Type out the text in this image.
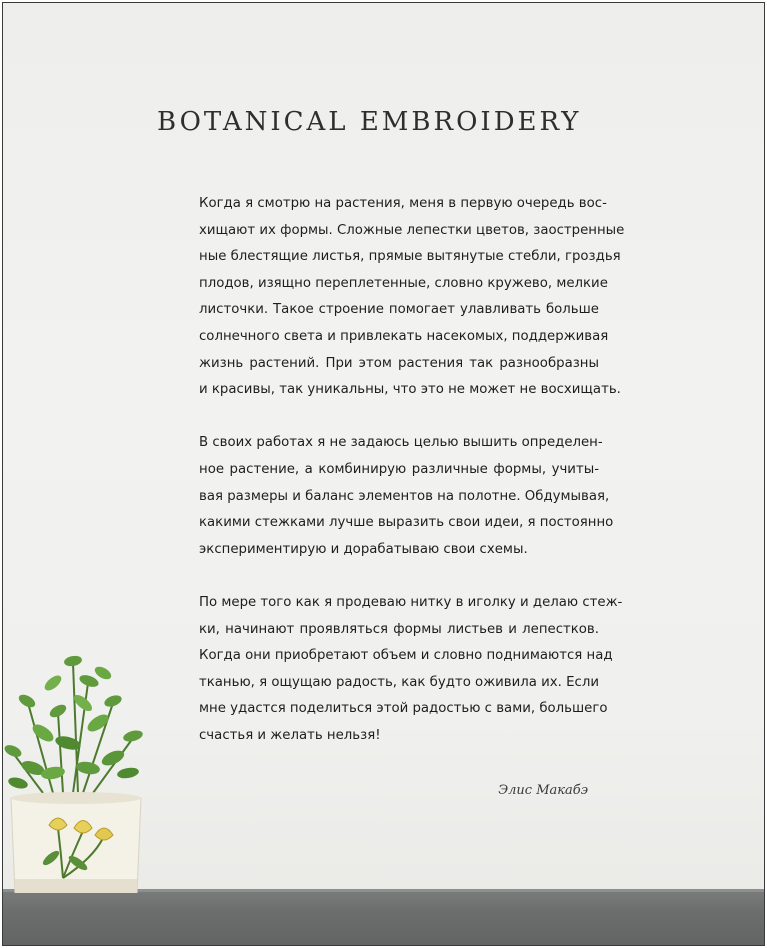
BOTANICAL EMBROIDERY

Когда я смотрю на растения, меня в первую очередь вос-
хищают их формы. Сложные лепестки цветов, заостренные
ные блестящие листья, прямые вытянутые стебли, гроздья
плодов, изящно переплетенные, словно кружево, мелкие
листочки. Такое строение помогает улавливать больше
солнечного света и привлекать насекомых, поддерживая
жизнь растений. При этом растения так разнообразны
и красивы, так уникальны, что это не может не восхищать.

В своих работах я не задаюсь целью вышить определен-
ное растение, а комбинирую различные формы, учиты-
вая размеры и баланс элементов на полотне. Обдумывая,
какими стежками лучше выразить свои идеи, я постоянно
экспериментирую и дорабатываю свои схемы.

По мере того как я продеваю нитку в иголку и делаю стеж-
ки, начинают проявляться формы листьев и лепестков.
Когда они приобретают объем и словно поднимаются над
тканью, я ощущаю радость, как будто оживила их. Если
мне удастся поделиться этой радостью с вами, большего
счастья и желать нельзя!

Элис Макабэ
